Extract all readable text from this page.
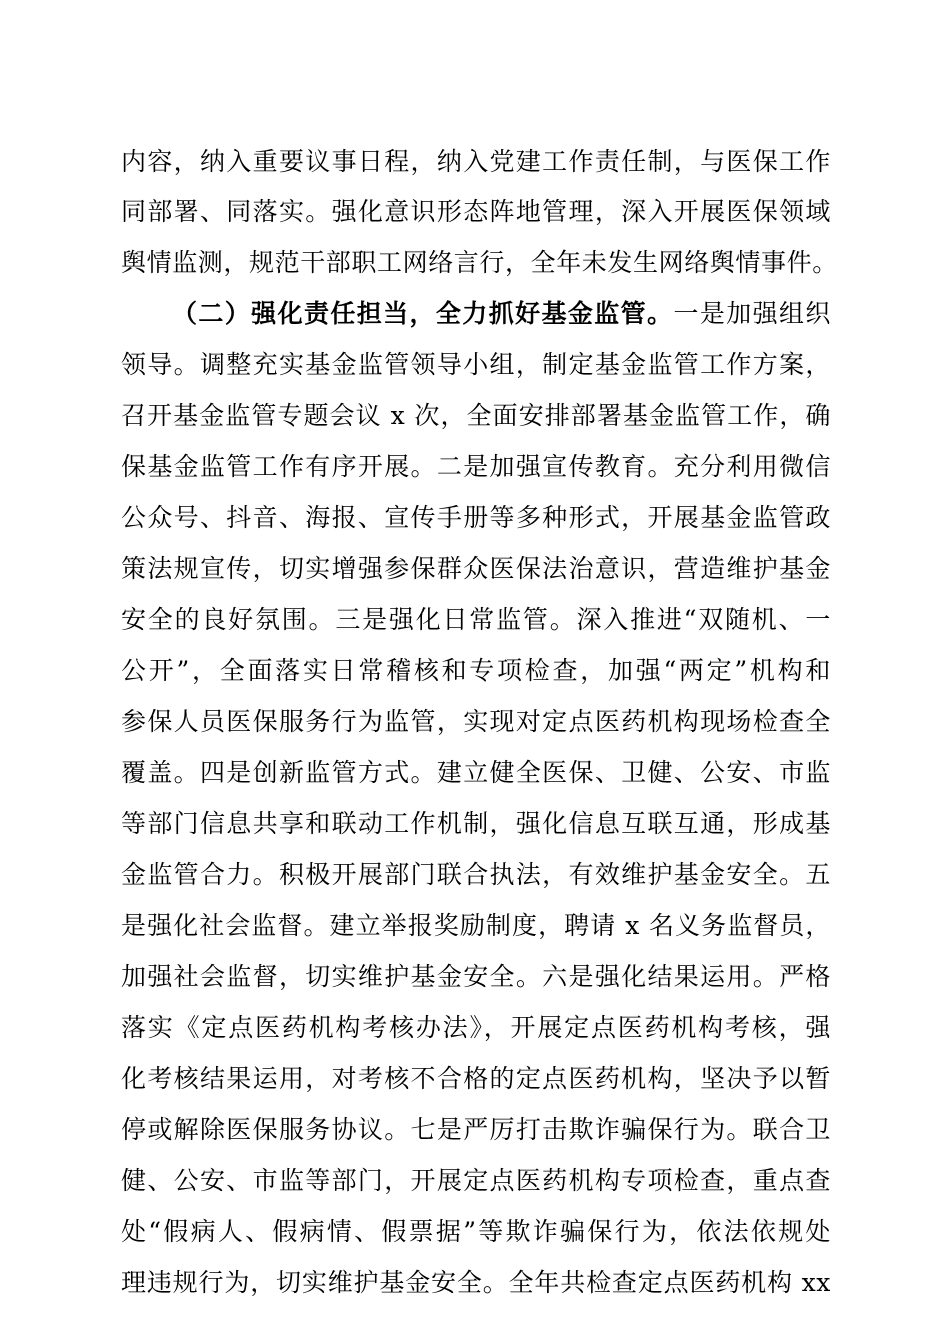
内容，纳入重要议事日程，纳入党建工作责任制，与医保工作
同部署、同落实。强化意识形态阵地管理，深入开展医保领域
舆情监测，规范干部职工网络言行，全年未发生网络舆情事件。
（二）强化责任担当，全力抓好基金监管。一是加强组织
领导。调整充实基金监管领导小组，制定基金监管工作方案，
召开基金监管专题会议 x 次，全面安排部署基金监管工作，确
保基金监管工作有序开展。二是加强宣传教育。充分利用微信
公众号、抖音、海报、宣传手册等多种形式，开展基金监管政
策法规宣传，切实增强参保群众医保法治意识，营造维护基金
安全的良好氛围。三是强化日常监管。深入推进“双随机、一
公开”，全面落实日常稽核和专项检查，加强“两定”机构和
参保人员医保服务行为监管，实现对定点医药机构现场检查全
覆盖。四是创新监管方式。建立健全医保、卫健、公安、市监
等部门信息共享和联动工作机制，强化信息互联互通，形成基
金监管合力。积极开展部门联合执法，有效维护基金安全。五
是强化社会监督。建立举报奖励制度，聘请 x 名义务监督员，
加强社会监督，切实维护基金安全。六是强化结果运用。严格
落实《定点医药机构考核办法》，开展定点医药机构考核，强
化考核结果运用，对考核不合格的定点医药机构，坚决予以暂
停或解除医保服务协议。七是严厉打击欺诈骗保行为。联合卫
健、公安、市监等部门，开展定点医药机构专项检查，重点查
处“假病人、假病情、假票据”等欺诈骗保行为，依法依规处
理违规行为，切实维护基金安全。全年共检查定点医药机构 xx
